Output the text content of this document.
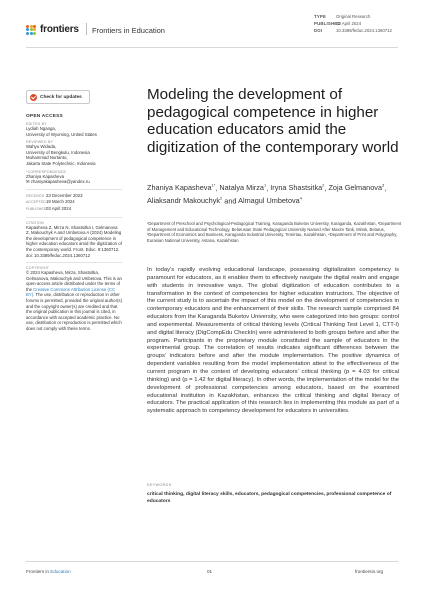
frontiers Frontiers in Education
TYPE Original Research
PUBLISHED03 April 2024
DOI	10.3389/feduc.2024.1360712
Check for updates
OPEN ACCESS
EDITED BY
Lydiah Nganga,
University of Wyoming, United States
REVIEWED BY
Wahyu Widada,
University of Bengkulu, Indonesia
Muhammad Nurtanto,
Jakarta State Polytechnic, Indonesia
*CORRESPONDENCE
Zhaniya Kapasheva
✉ zhaniyakapasheva@yandex.ru
RECEIVED 23 December 2023
ACCEPTED19 March 2024
PUBLISHED03 April 2024
CITATION
Kapasheva Z, Mirza N, Shastsitka I, Gelmanova Z, Makouchyk A and Umbetova A (2024) Modeling the development of pedagogical competence in higher education educators amid the digitization of the contemporary world. Front. Educ. 9:1360712. doi: 10.3389/feduc.2024.1360712
COPYRIGHT
© 2024 Kapasheva, Mirza, Shastsitka, Gelmanova, Makouchyk and Umbetova. This is an open-access article distributed under the terms of the Creative Commons Attribution License (CC BY). The use, distribution or reproduction in other forums is permitted, provided the original author(s) and the copyright owner(s) are credited and that the original publication in this journal is cited, in accordance with accepted academic practice. No use, distribution or reproduction is permitted which does not comply with these terms.
Modeling the development of pedagogical competence in higher education educators amid the digitization of the contemporary world
Zhaniya Kapasheva$^{1*}$, Natalya Mirza$^1$, Iryna Shastsitka$^2$, Zoja Gelmanova$^3$, Aliaksandr Makouchyk$^2$ and Almagul Umbetova$^4$
¹Department of Preschool and Psychological-Pedagogical Training, Karaganda Buketov University, Karaganda, Kazakhstan, ²Department of Management and Educational Technology, Belarusian State Pedagogical University Named After Maxim Tank, Minsk, Belarus, ³Department of Economics and Business, Karaganda Industrial University, Temirtau, Kazakhstan, ⁴Department of Print and Polygraphy, Eurasian National University, Astana, Kazakhstan

In today’s rapidly evolving educational landscape, possessing digitalization competency is paramount for educators, as it enables them to effectively navigate the digital realm and engage with students in innovative ways. The global digitization of education contributes to a transformation in the context of competencies for higher education instructors. The objective of the current study is to ascertain the impact of this model on the development of competencies in contemporary educators and the enhancement of their skills. The research sample comprised 84 educators from the Karaganda Buketov University, who were categorized into two groups: control and experimental. Measurements of critical thinking levels (Critical Thinking Test Level 1, CTT-I) and digital literacy (DigCompEdu CheckIn) were administered to both groups before and after the program. Participants in the proprietary module constituted the sample of educators in the experimental group. The correlation of results indicates significant differences between the groups’ indicators before and after the module implementation. The positive dynamics of dependent variables resulting from the model implementation attest to the effectiveness of the current program in the context of developing educators’ critical thinking (p = 4.03 for critical thinking) and (p = 1.42 for digital literacy). In other words, the implementation of the model for the development of professional competencies among educators, based on the examined educational institution in Kazakhstan, enhances the critical thinking and digital literacy of educators. The practical application of this research lies in implementing this module as part of a systematic approach to competency development for educators in universities.

KEYWORDS
critical thinking, digital literacy skills, educators, pedagogical competencies, professional competence of educators
Frontiers in Education	01	frontiersin.org
